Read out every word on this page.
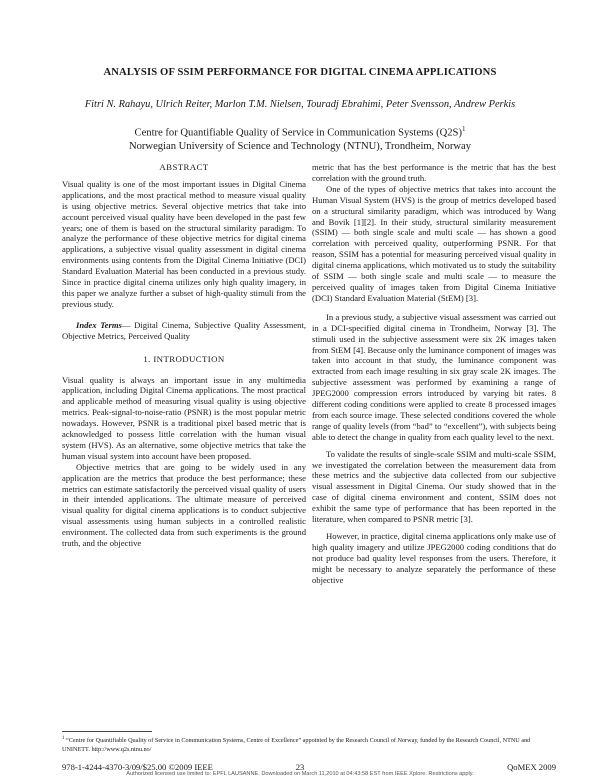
ANALYSIS OF SSIM PERFORMANCE FOR DIGITAL CINEMA APPLICATIONS
Fitri N. Rahayu, Ulrich Reiter, Marlon T.M. Nielsen, Touradj Ebrahimi, Peter Svensson, Andrew Perkis
Centre for Quantifiable Quality of Service in Communication Systems $(Q2S)^1$
Norwegian University of Science and Technology (NTNU), Trondheim, Norway
ABSTRACT

Visual quality is one of the most important issues in Digital Cinema applications, and the most practical method to measure visual quality is using objective metrics. Several objective metrics that take into account perceived visual quality have been developed in the past few years; one of them is based on the structural similarity paradigm. To analyze the performance of these objective metrics for digital cinema applications, a subjective visual quality assessment in digital cinema environments using contents from the Digital Cinema Initiative (DCI) Standard Evaluation Material has been conducted in a previous study. Since in practice digital cinema utilizes only high quality imagery, in this paper we analyze further a subset of high-quality stimuli from the previous study.

Index Terms— Digital Cinema, Subjective Quality Assessment, Objective Metrics, Perceived Quality

1. INTRODUCTION

Visual quality is always an important issue in any multimedia application, including Digital Cinema applications. The most practical and applicable method of measuring visual quality is using objective metrics. Peak-signal-to-noise-ratio (PSNR) is the most popular metric nowadays. However, PSNR is a traditional pixel based metric that is acknowledged to possess little correlation with the human visual system (HVS). As an alternative, some objective metrics that take the human visual system into account have been proposed.

Objective metrics that are going to be widely used in any application are the metrics that produce the best performance; these metrics can estimate satisfactorily the perceived visual quality of users in their intended applications. The ultimate measure of perceived visual quality for digital cinema applications is to conduct subjective visual assessments using human subjects in a controlled realistic environment. The collected data from such experiments is the ground truth, and the objective

metric that has the best performance is the metric that has the best correlation with the ground truth.

One of the types of objective metrics that takes into account the Human Visual System (HVS) is the group of metrics developed based on a structural similarity paradigm, which was introduced by Wang and Bovik [1][2]. In their study, structural similarity measurement (SSIM) — both single scale and multi scale — has shown a good correlation with perceived quality, outperforming PSNR. For that reason, SSIM has a potential for measuring perceived visual quality in digital cinema applications, which motivated us to study the suitability of SSIM — both single scale and multi scale — to measure the perceived quality of images taken from Digital Cinema Initiative (DCI) Standard Evaluation Material (StEM) [3].

In a previous study, a subjective visual assessment was carried out in a DCI-specified digital cinema in Trondheim, Norway [3]. The stimuli used in the subjective assessment were six 2K images taken from StEM [4]. Because only the luminance component of images was taken into account in that study, the luminance component was extracted from each image resulting in six gray scale 2K images. The subjective assessment was performed by examining a range of JPEG2000 compression errors introduced by varying bit rates. 8 different coding conditions were applied to create 8 processed images from each source image. These selected conditions covered the whole range of quality levels (from “bad” to “excellent”), with subjects being able to detect the change in quality from each quality level to the next.

To validate the results of single-scale SSIM and multi-scale SSIM, we investigated the correlation between the measurement data from these metrics and the subjective data collected from our subjective visual assessment in Digital Cinema. Our study showed that in the case of digital cinema environment and content, SSIM does not exhibit the same type of performance that has been reported in the literature, when compared to PSNR metric [3].

However, in practice, digital cinema applications only make use of high quality imagery and utilize JPEG2000 coding conditions that do not produce bad quality level responses from the users. Therefore, it might be necessary to analyze separately the performance of these objective

$^1$ “Centre for Quantifiable Quality of Service in Communication Systems, Centre of Excellence” appointed by the Research Council of Norway, funded by the Research Council, NTNU and UNINETT. http://www.q2s.ntnu.no/
978-1-4244-4370-3/09/$25.00 ©2009 IEEE	23	QoMEX 2009
Authorized licensed use limited to: EPFL LAUSANNE. Downloaded on March 11,2010 at 04:43:58 EST from IEEE Xplore. Restrictions apply.
